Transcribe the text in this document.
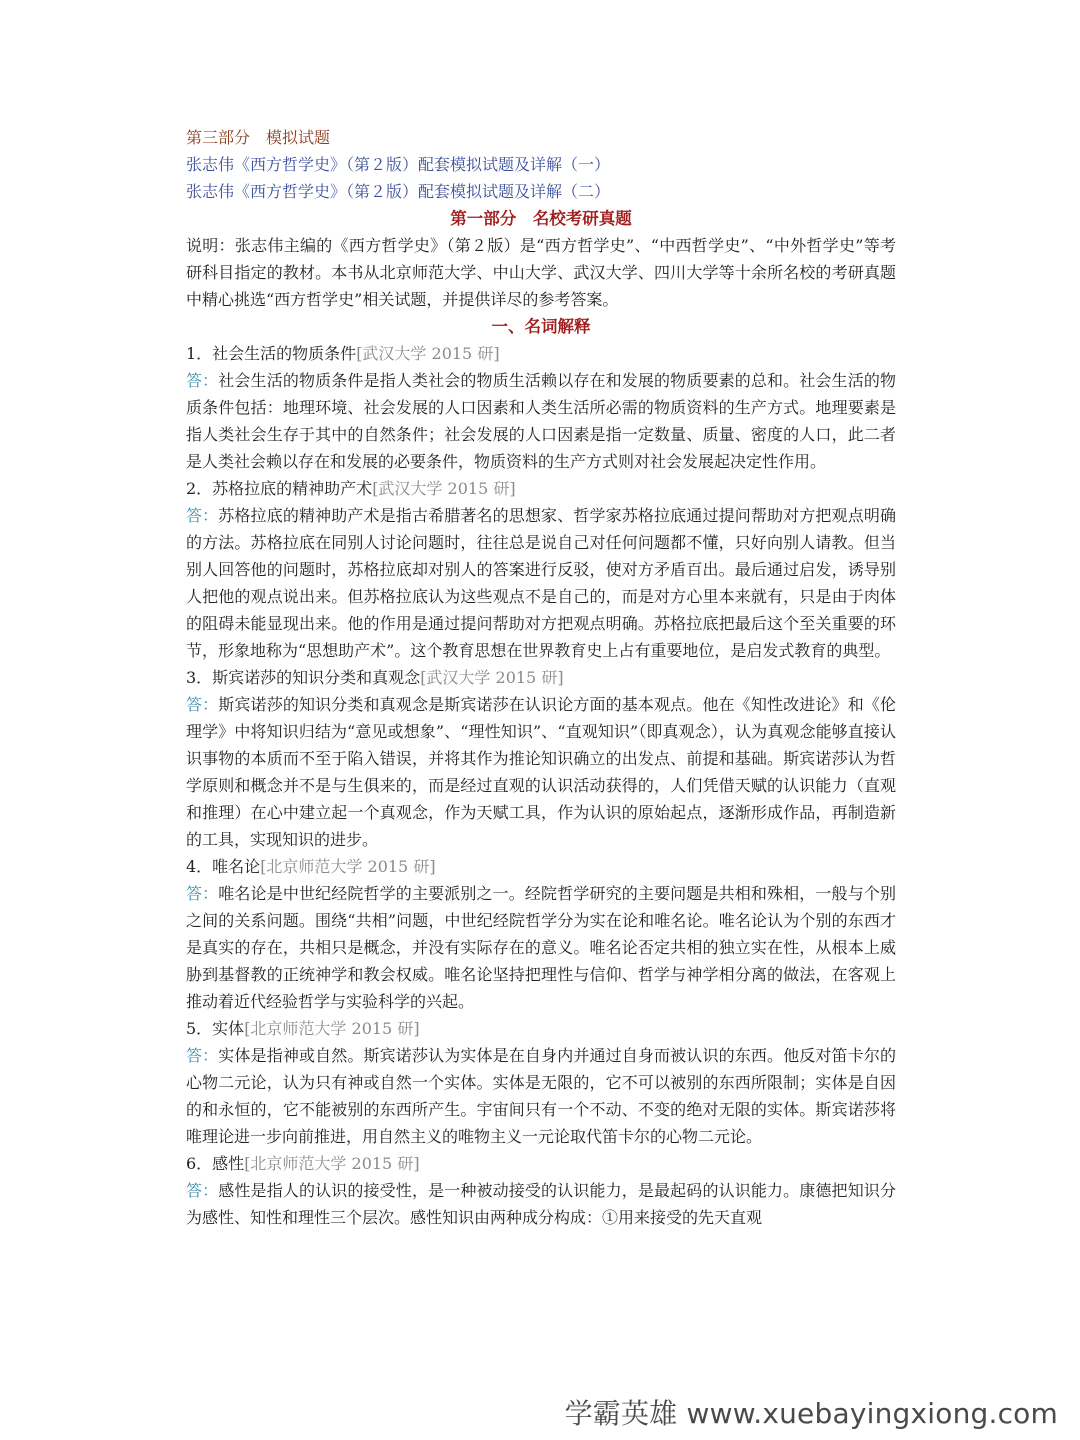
第三部分　模拟试题

张志伟《西方哲学史》（第２版）配套模拟试题及详解（一）

张志伟《西方哲学史》（第２版）配套模拟试题及详解（二）

第一部分　名校考研真题

说明：张志伟主编的《西方哲学史》（第２版）是“西方哲学史”、“中西哲学史”、“中外哲学史”等考研科目指定的教材。本书从北京师范大学、中山大学、武汉大学、四川大学等十余所名校的考研真题中精心挑选“西方哲学史”相关试题，并提供详尽的参考答案。

一、名词解释

1．社会生活的物质条件[武汉大学 2015 研]

答：社会生活的物质条件是指人类社会的物质生活赖以存在和发展的物质要素的总和。社会生活的物质条件包括：地理环境、社会发展的人口因素和人类生活所必需的物质资料的生产方式。地理要素是指人类社会生存于其中的自然条件；社会发展的人口因素是指一定数量、质量、密度的人口，此二者是人类社会赖以存在和发展的必要条件，物质资料的生产方式则对社会发展起决定性作用。

2．苏格拉底的精神助产术[武汉大学 2015 研]

答：苏格拉底的精神助产术是指古希腊著名的思想家、哲学家苏格拉底通过提问帮助对方把观点明确的方法。苏格拉底在同别人讨论问题时，往往总是说自己对任何问题都不懂，只好向别人请教。但当别人回答他的问题时，苏格拉底却对别人的答案进行反驳，使对方矛盾百出。最后通过启发，诱导别人把他的观点说出来。但苏格拉底认为这些观点不是自己的，而是对方心里本来就有，只是由于肉体的阻碍未能显现出来。他的作用是通过提问帮助对方把观点明确。苏格拉底把最后这个至关重要的环节，形象地称为“思想助产术”。这个教育思想在世界教育史上占有重要地位，是启发式教育的典型。

3．斯宾诺莎的知识分类和真观念[武汉大学 2015 研]

答：斯宾诺莎的知识分类和真观念是斯宾诺莎在认识论方面的基本观点。他在《知性改进论》和《伦理学》中将知识归结为“意见或想象”、“理性知识”、“直观知识”（即真观念），认为真观念能够直接认识事物的本质而不至于陷入错误，并将其作为推论知识确立的出发点、前提和基础。斯宾诺莎认为哲学原则和概念并不是与生俱来的，而是经过直观的认识活动获得的，人们凭借天赋的认识能力（直观和推理）在心中建立起一个真观念，作为天赋工具，作为认识的原始起点，逐渐形成作品，再制造新的工具，实现知识的进步。

4．唯名论[北京师范大学 2015 研]

答：唯名论是中世纪经院哲学的主要派别之一。经院哲学研究的主要问题是共相和殊相，一般与个别之间的关系问题。围绕“共相”问题，中世纪经院哲学分为实在论和唯名论。唯名论认为个别的东西才是真实的存在，共相只是概念，并没有实际存在的意义。唯名论否定共相的独立实在性，从根本上威胁到基督教的正统神学和教会权威。唯名论坚持把理性与信仰、哲学与神学相分离的做法，在客观上推动着近代经验哲学与实验科学的兴起。

5．实体[北京师范大学 2015 研]

答：实体是指神或自然。斯宾诺莎认为实体是在自身内并通过自身而被认识的东西。他反对笛卡尔的心物二元论，认为只有神或自然一个实体。实体是无限的，它不可以被别的东西所限制；实体是自因的和永恒的，它不能被别的东西所产生。宇宙间只有一个不动、不变的绝对无限的实体。斯宾诺莎将唯理论进一步向前推进，用自然主义的唯物主义一元论取代笛卡尔的心物二元论。

6．感性[北京师范大学 2015 研]

答：感性是指人的认识的接受性，是一种被动接受的认识能力，是最起码的认识能力。康德把知识分为感性、知性和理性三个层次。感性知识由两种成分构成：①用来接受的先天直观

学霸英雄 www.xuebayingxiong.com
